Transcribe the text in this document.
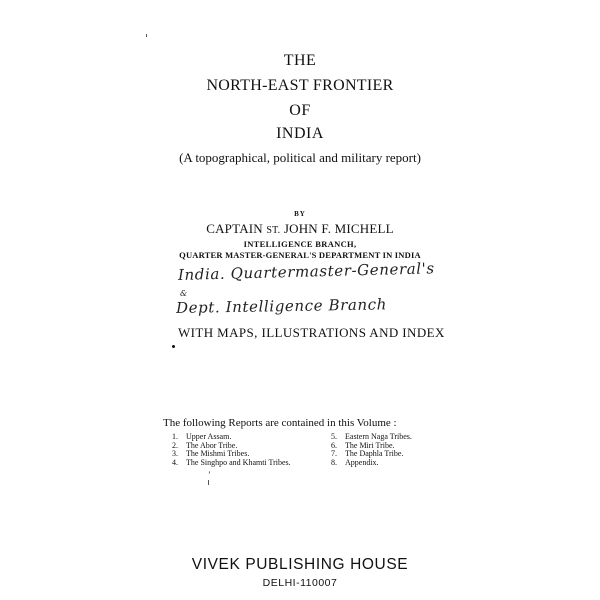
THE
NORTH-EAST FRONTIER
OF
INDIA
(A topographical, political and military report)
BY
CAPTAIN ST. JOHN F. MICHELL
INTELLIGENCE BRANCH,
QUARTER MASTER-GENERAL'S DEPARTMENT IN INDIA
India. Quartermaster-General's
&
Dept. Intelligence Branch
WITH MAPS, ILLUSTRATIONS AND INDEX
The following Reports are contained in this Volume :
1. Upper Assam.
2. The Abor Tribe.
3. The Mishmi Tribes.
4. The Singhpo and Khamti Tribes.
5. Eastern Naga Tribes.
6. The Miri Tribe.
7. The Daphla Tribe.
8. Appendix.
ʼ
VIVEK PUBLISHING HOUSE
DELHI-110007
